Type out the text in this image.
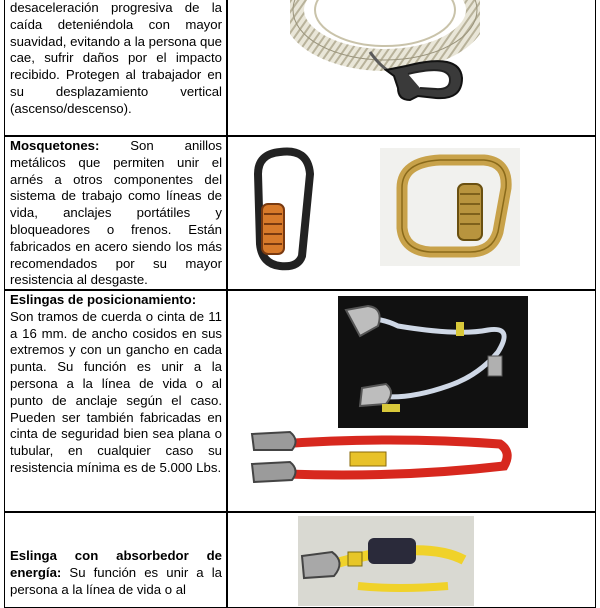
desaceleración progresiva de la caída deteniéndola con mayor suavidad, evitando a la persona que cae, sufrir daños por el impacto recibido. Protegen al trabajador en su desplazamiento vertical (ascenso/descenso).
Mosquetones: Son anillos metálicos que permiten unir el arnés a otros componentes del sistema de trabajo como líneas de vida, anclajes portátiles y bloqueadores o frenos. Están fabricados en acero siendo los más recomendados por su mayor resistencia al desgaste.
Eslingas de posicionamiento:
Son tramos de cuerda o cinta de 11 a 16 mm. de ancho cosidos en sus extremos y con un gancho en cada punta. Su función es unir a la persona a la línea de vida o al punto de anclaje según el caso. Pueden ser también fabricadas en cinta de seguridad bien sea plana o tubular, en cualquier caso su resistencia mínima es de 5.000 Lbs.
Eslinga con absorbedor de energía: Su función es unir a la persona a la línea de vida o al
